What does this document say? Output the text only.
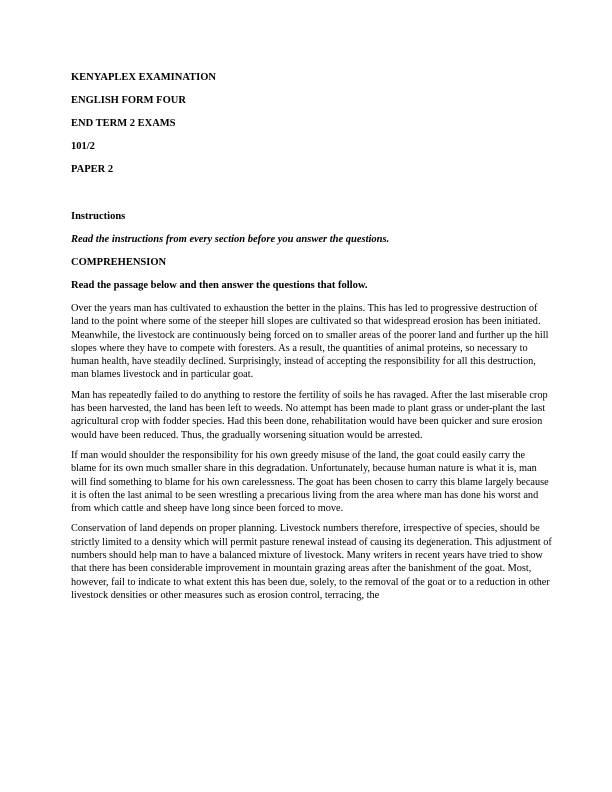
KENYAPLEX EXAMINATION

ENGLISH FORM FOUR

END TERM 2 EXAMS

101/2

PAPER 2

Instructions

Read the instructions from every section before you answer the questions.

COMPREHENSION

Read the passage below and then answer the questions that follow.

Over the years man has cultivated to exhaustion the better in the plains. This has led to progressive destruction of land to the point where some of the steeper hill slopes are cultivated so that widespread erosion has been initiated. Meanwhile, the livestock are continuously being forced on to smaller areas of the poorer land and further up the hill slopes where they have to compete with foresters. As a result, the quantities of animal proteins, so necessary to human health, have steadily declined. Surprisingly, instead of accepting the responsibility for all this destruction, man blames livestock and in particular goat.

Man has repeatedly failed to do anything to restore the fertility of soils he has ravaged. After the last miserable crop has been harvested, the land has been left to weeds. No attempt has been made to plant grass or under-plant the last agricultural crop with fodder species. Had this been done, rehabilitation would have been quicker and sure erosion would have been reduced. Thus, the gradually worsening situation would be arrested.

If man would shoulder the responsibility for his own greedy misuse of the land, the goat could easily carry the blame for its own much smaller share in this degradation. Unfortunately, because human nature is what it is, man will find something to blame for his own carelessness. The goat has been chosen to carry this blame largely because it is often the last animal to be seen wrestling a precarious living from the area where man has done his worst and from which cattle and sheep have long since been forced to move.

Conservation of land depends on proper planning. Livestock numbers therefore, irrespective of species, should be strictly limited to a density which will permit pasture renewal instead of causing its degeneration. This adjustment of numbers should help man to have a balanced mixture of livestock. Many writers in recent years have tried to show that there has been considerable improvement in mountain grazing areas after the banishment of the goat. Most, however, fail to indicate to what extent this has been due, solely, to the removal of the goat or to a reduction in other livestock densities or other measures such as erosion control, terracing, the
